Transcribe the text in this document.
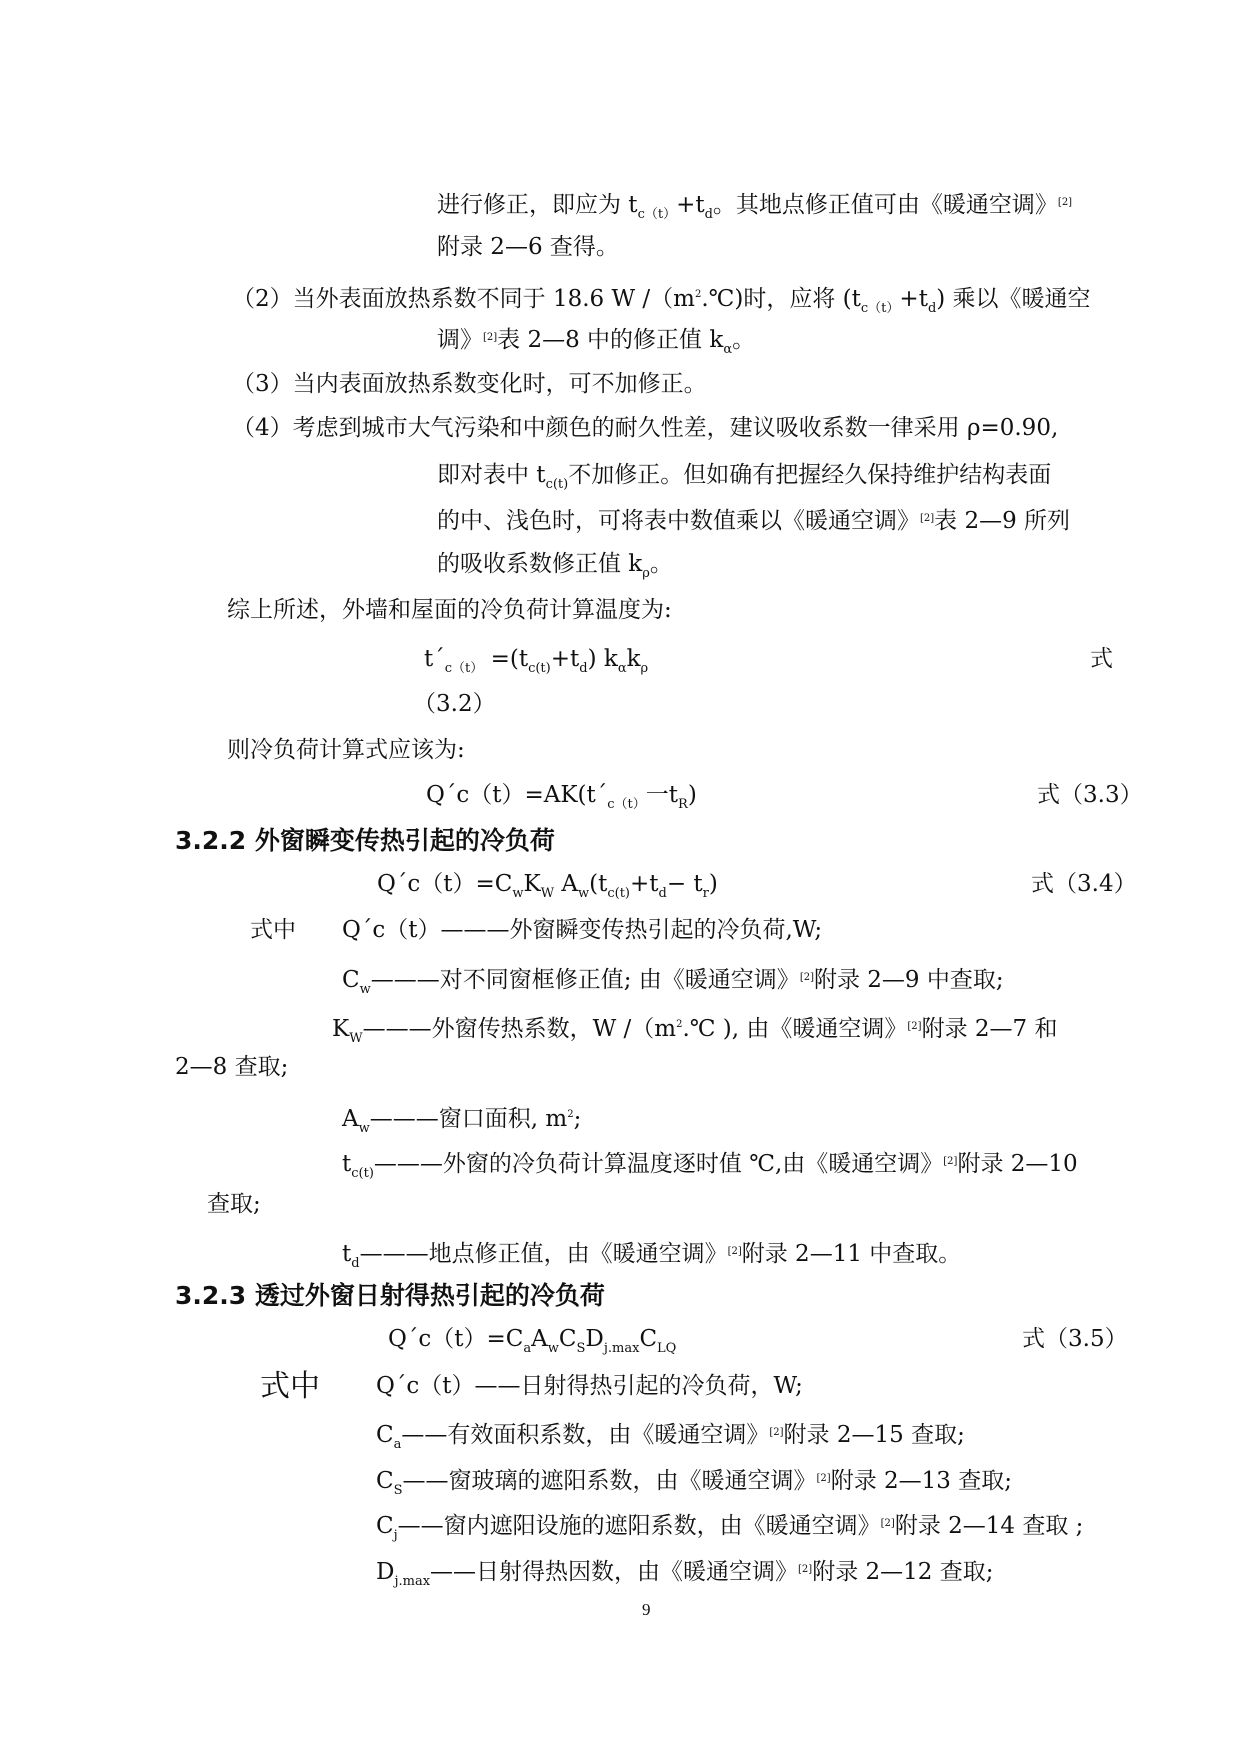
进行修正，即应为 $t_{c(t)}+t_d$。其地点修正值可由《暖通空调》[2]
附录 2—6 查得。
（2）当外表面放热系数不同于 18.6 W $/(m^2.℃)$时，应将 $(t_{c(t)}+t_d)$ 乘以《暖通空
调》[2]表 2—8 中的修正值 $k_\alpha$。
（3）当内表面放热系数变化时，可不加修正。
（4）考虑到城市大气污染和中颜色的耐久性差，建议吸收系数一律采用 ρ=0.90,
即对表中 $t_{c(t)}$不加修正。但如确有把握经久保持维护结构表面
的中、浅色时，可将表中数值乘以《暖通空调》[2]表 2—9 所列
的吸收系数修正值 $k_\rho$。
综上所述，外墙和屋面的冷负荷计算温度为:
$t´_{c(t)} =(t_{c(t)}+t_d)$ $k_\alpha k_\rho$	式
（3.2）
则冷负荷计算式应该为:
$Q´c(t)=AK(t´_{c(t)}$一$t_R$)	式（3.3）
3.2.2 外窗瞬变传热引起的冷负荷
$Q´c(t)=C_wK_W$ $A_w(t_{c(t)}+t_d- t_r)$	式（3.4）
式中 Q´c（t）———外窗瞬变传热引起的冷负荷,W;
$C_w———$对不同窗框修正值; 由《暖通空调》[2]附录 2—9 中查取;
$K_W———$外窗传热系数，W $/(m^2.℃$ ), 由《暖通空调》[2]附录 2—7 和
2—8 查取;
$A_w———$窗口面积, $m^2$;
$t_{c(t)}———$外窗的冷负荷计算温度逐时值 ℃,由《暖通空调》[2]附录 2—10
查取;
$t_d———$地点修正值，由《暖通空调》[2]附录 2—11 中查取。
3.2.3 透过外窗日射得热引起的冷负荷
$Q´c(t)=C_aA_wC_SD_{j.max}C_{LQ}$	式（3.5）
式中 Q´c（t）——日射得热引起的冷负荷，W;
$C_a——$有效面积系数，由《暖通空调》[2]附录 2—15 查取;
$C_S——$窗玻璃的遮阳系数，由《暖通空调》[2]附录 2—13 查取;
$C_j——$窗内遮阳设施的遮阳系数，由《暖通空调》[2]附录 2—14 查取 ;
$D_{j.max}——$日射得热因数，由《暖通空调》[2]附录 2—12 查取;
9
